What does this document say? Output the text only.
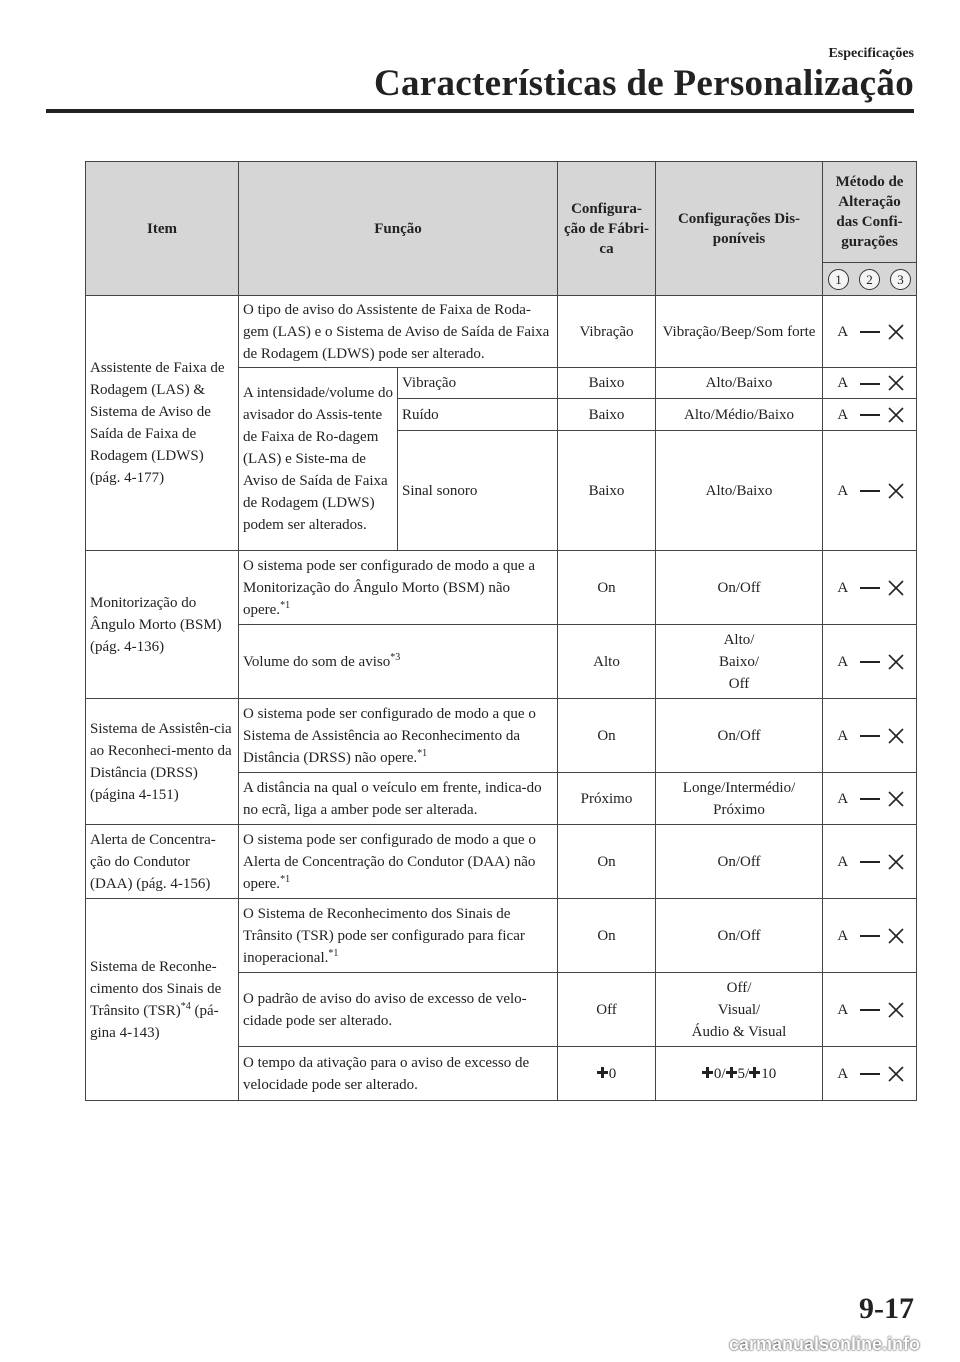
Especificações
Características de Personalização
Item	Função		Configura-
ção de Fábri-
ca	Configurações Dis-
poníveis	Método de
Alteração
das Confi-
gurações

					1 2 3

Assistente de Faixa de Rodagem (LAS) & Sistema de Aviso de Saída de Faixa de Rodagem (LDWS) (pág. 4-177)	O tipo de aviso do Assistente de Faixa de Roda-gem (LAS) e o Sistema de Aviso de Saída de Faixa de Rodagem (LDWS) pode ser alterado.		Vibração	Vibração/Beep/Som forte	A

	A intensidade/volume do avisador do Assis-tente de Faixa de Ro-dagem (LAS) e Siste-ma de Aviso de Saída de Faixa de Rodagem (LDWS) podem ser alterados.	Vibração	Baixo	Alto/Baixo	A

		Ruído	Baixo	Alto/Médio/Baixo	A

		Sinal sonoro	Baixo	Alto/Baixo	A

Monitorização do Ângulo Morto (BSM) (pág. 4-136)	O sistema pode ser configurado de modo a que a Monitorização do Ângulo Morto (BSM) não opere.$^{*1}$		On	On/Off	A

	Volume do som de aviso$^{*3}$		Alto	Alto/
Baixo/
Off	A

Sistema de Assistên-cia ao Reconheci-mento da Distância (DRSS) (página 4-151)	O sistema pode ser configurado de modo a que o Sistema de Assistência ao Reconhecimento da Distância (DRSS) não opere.$^{*1}$		On	On/Off	A

	A distância na qual o veículo em frente, indica-do no ecrã, liga a amber pode ser alterada.		Próximo	Longe/Intermédio/
Próximo	A

Alerta de Concentra-ção do Condutor (DAA) (pág. 4-156)	O sistema pode ser configurado de modo a que o Alerta de Concentração do Condutor (DAA) não opere.$^{*1}$		On	On/Off	A

Sistema de Reconhe-cimento dos Sinais de Trânsito (TSR)$^{*4}$ (pá-gina 4-143)	O Sistema de Reconhecimento dos Sinais de Trânsito (TSR) pode ser configurado para ficar inoperacional.$^{*1}$		On	On/Off	A

	O padrão de aviso do aviso de excesso de velo-cidade pode ser alterado.		Off	Off/
Visual/
Áudio & Visual	A

	O tempo da ativação para o aviso de excesso de velocidade pode ser alterado.		0	0/ 5/ 10	A
9-17
carmanualsonline.info
